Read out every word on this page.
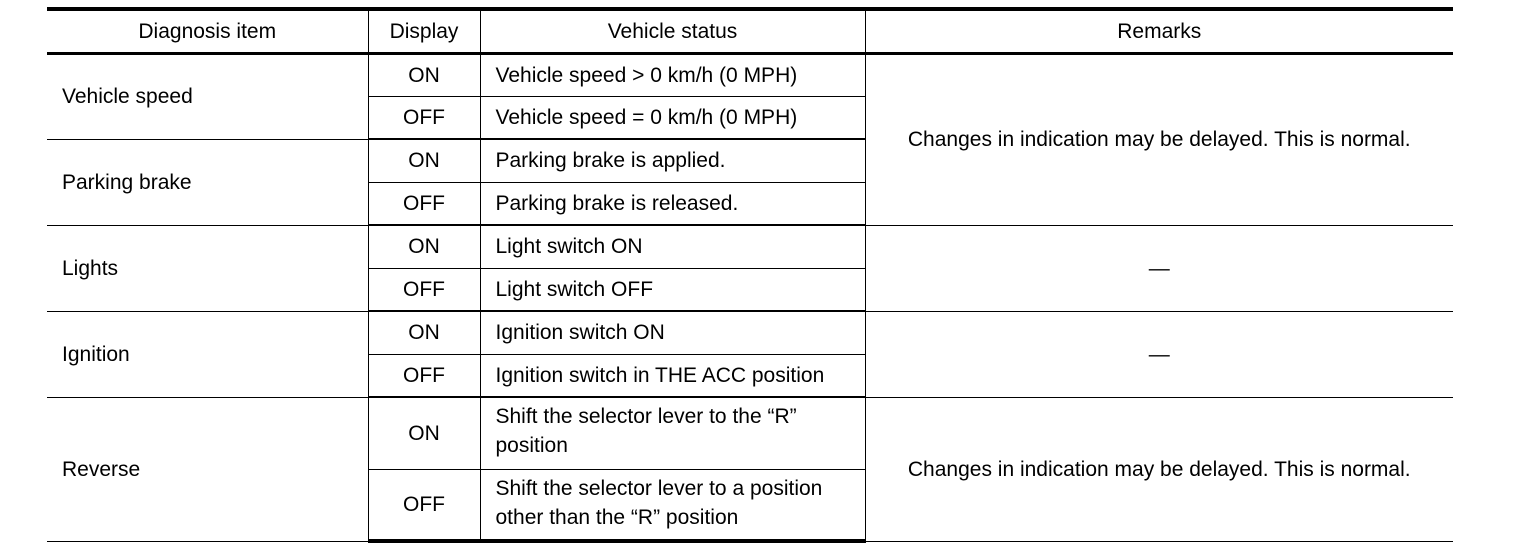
Diagnosis item	Display	Vehicle status	Remarks
Vehicle speed	ON	Vehicle speed > 0 km/h (0 MPH)	Changes in indication may be delayed. This is normal.
	OFF	Vehicle speed = 0 km/h (0 MPH)	
Parking brake	ON	Parking brake is applied.	
	OFF	Parking brake is released.	
Lights	ON	Light switch ON	—
	OFF	Light switch OFF	
Ignition	ON	Ignition switch ON	—
	OFF	Ignition switch in THE ACC position	
Reverse	ON	Shift the selector lever to the “R” position	Changes in indication may be delayed. This is normal.
	OFF	Shift the selector lever to a position other than the “R” position	
